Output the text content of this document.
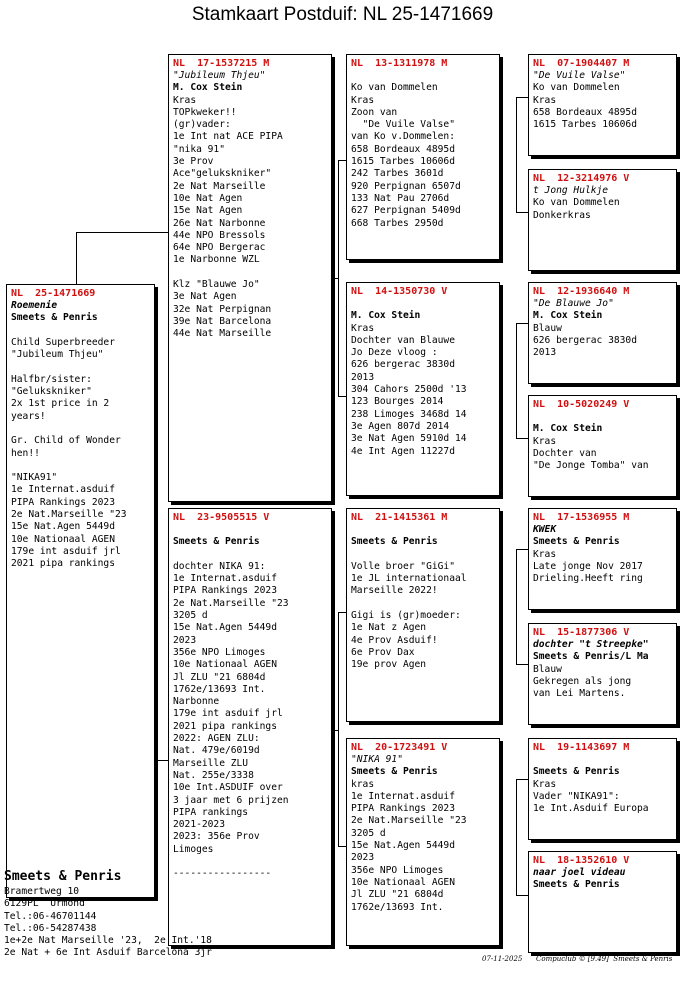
Stamkaart Postduif: NL 25-1471669
NL  25-1471669
Roemenie
Smeets & Penris
Child Superbreeder
"Jubileum Thjeu"
Halfbr/sister:
"Gelukskniker"
2x 1st price in 2
years!
Gr. Child of Wonder
hen!!
"NIKA91"
1e Internat.asduif
PIPA Rankings 2023
2e Nat.Marseille "23
15e Nat.Agen 5449d
10e Nationaal AGEN
179e int asduif jrl
2021 pipa rankings
NL  17-1537215 M
"Jubileum Thjeu"
M. Cox Stein
Kras
TOPkweker!!
(gr)vader:
1e Int nat ACE PIPA
"nika 91"
3e Prov
Ace"gelukskniker"
2e Nat Marseille
10e Nat Agen
15e Nat Agen
26e Nat Narbonne
44e NPO Bressols
64e NPO Bergerac
1e Narbonne WZL
Klz "Blauwe Jo"
3e Nat Agen
32e Nat Perpignan
39e Nat Barcelona
44e Nat Marseille
NL  23-9505515 V
Smeets & Penris
dochter NIKA 91:
1e Internat.asduif
PIPA Rankings 2023
2e Nat.Marseille "23
3205 d
15e Nat.Agen 5449d
2023
356e NPO Limoges
10e Nationaal AGEN
Jl ZLU "21 6804d
1762e/13693 Int.
Narbonne
179e int asduif jrl
2021 pipa rankings
2022: AGEN ZLU:
Nat. 479e/6019d
Marseille ZLU
Nat. 255e/3338
10e Int.ASDUIF over
3 jaar met 6 prijzen
PIPA rankings
2021-2023
2023: 356e Prov
Limoges
-----------------
NL  13-1311978 M
Ko van Dommelen
Kras
Zoon van
"De Vuile Valse"
van Ko v.Dommelen:
658 Bordeaux 4895d
1615 Tarbes 10606d
242 Tarbes 3601d
920 Perpignan 6507d
133 Nat Pau 2706d
627 Perpignan 5409d
668 Tarbes 2950d
NL  14-1350730 V
M. Cox Stein
Kras
Dochter van Blauwe
Jo Deze vloog :
626 bergerac 3830d
2013
304 Cahors 2500d '13
123 Bourges 2014
238 Limoges 3468d 14
3e Agen 807d 2014
3e Nat Agen 5910d 14
4e Int Agen 11227d
NL  21-1415361 M
Smeets & Penris
Volle broer "GiGi"
1e JL internationaal
Marseille 2022!
Gigi is (gr)moeder:
1e Nat z Agen
4e Prov Asduif!
6e Prov Dax
19e prov Agen
NL  20-1723491 V
"NIKA 91"
Smeets & Penris
kras
1e Internat.asduif
PIPA Rankings 2023
2e Nat.Marseille "23
3205 d
15e Nat.Agen 5449d
2023
356e NPO Limoges
10e Nationaal AGEN
Jl ZLU "21 6804d
1762e/13693 Int.
NL  07-1904407 M
"De Vuile Valse"
Ko van Dommelen
Kras
658 Bordeaux 4895d
1615 Tarbes 10606d
NL  12-3214976 V
t Jong Hulkje
Ko van Dommelen
Donkerkras
NL  12-1936640 M
"De Blauwe Jo"
M. Cox Stein
Blauw
626 bergerac 3830d
2013
NL  10-5020249 V
M. Cox Stein
Kras
Dochter van
"De Jonge Tomba" van
NL  17-1536955 M
KWEK
Smeets & Penris
Kras
Late jonge Nov 2017
Drieling.Heeft ring
NL  15-1877306 V
dochter "t Streepke"
Smeets & Penris/L Ma
Blauw
Gekregen als jong
van Lei Martens.
NL  19-1143697 M
Smeets & Penris
Kras
Vader "NIKA91":
1e Int.Asduif Europa
NL  18-1352610 V
naar joel videau
Smeets & Penris
Smeets & Penris
Bramertweg 10
6129PL  Urmond
Tel.:06-46701144
Tel.:06-54287438
1e+2e Nat Marseille '23,  2e Int.'18
2e Nat + 6e Int Asduif Barcelona 3jr
07-11-2025 Compuclub © [9.49]  Smeets & Penris
